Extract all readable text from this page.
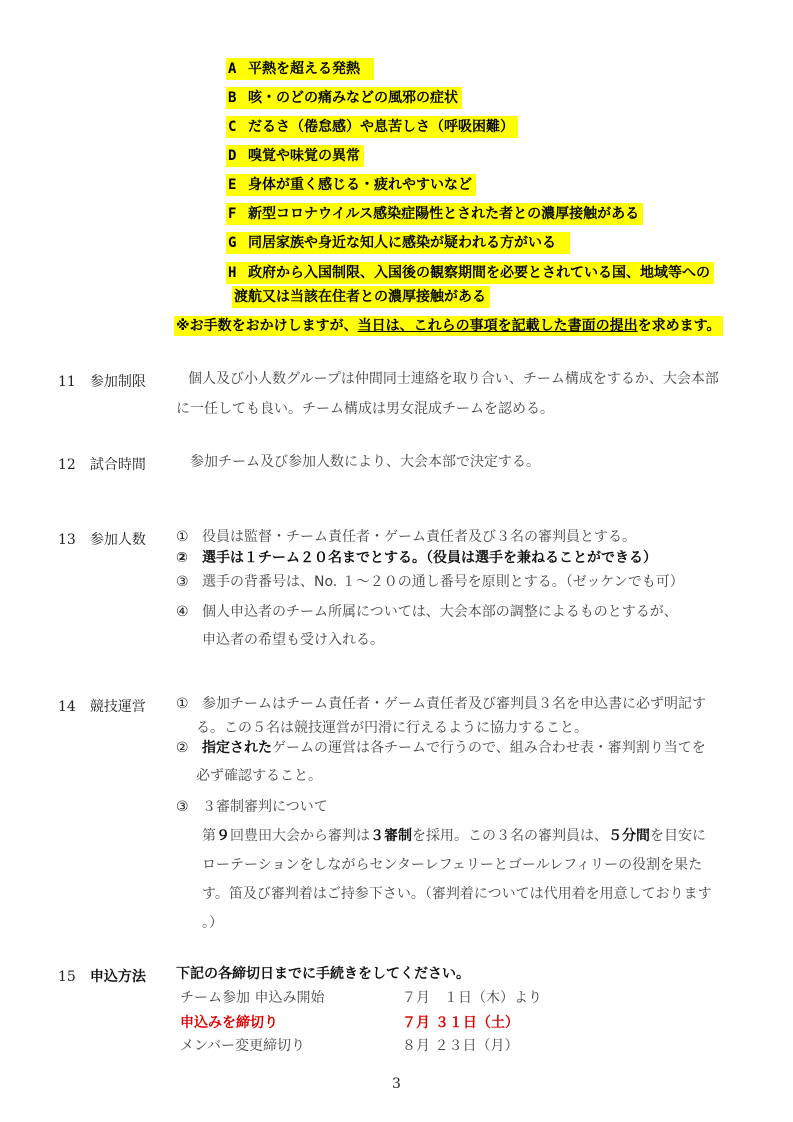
A 平熱を超える発熱
B 咳・のどの痛みなどの風邪の症状
C だるさ（倦怠感）や息苦しさ（呼吸困難）
D 嗅覚や味覚の異常
E 身体が重く感じる・疲れやすいなど
F 新型コロナウイルス感染症陽性とされた者との濃厚接触がある
G 同居家族や身近な知人に感染が疑われる方がいる
H 政府から入国制限、入国後の観察期間を必要とされている国、地域等への
渡航又は当該在住者との濃厚接触がある
※お手数をおかけしますが、当日は、これらの事項を記載した書面の提出を求めます。
11 参加制限	個人及び小人数グループは仲間同士連絡を取り合い、チーム構成をするか、大会本部
に一任しても良い。チーム構成は男女混成チームを認める。
12 試合時間	参加チーム及び参加人数により、大会本部で決定する。
13 参加人数 ① 役員は監督・チーム責任者・ゲーム責任者及び３名の審判員とする。
② 選手は１チーム２０名までとする。（役員は選手を兼ねることができる）
③ 選手の背番号は、No. １～２０の通し番号を原則とする。（ゼッケンでも可）
④ 個人申込者のチーム所属については、大会本部の調整によるものとするが、
申込者の希望も受け入れる。
14 競技運営 ① 参加チームはチーム責任者・ゲーム責任者及び審判員３名を申込書に必ず明記す
る。この５名は競技運営が円滑に行えるように協力すること。
② 指定されたゲームの運営は各チームで行うので、組み合わせ表・審判割り当てを
必ず確認すること。
③ ３審制審判について
第９回豊田大会から審判は３審制を採用。この３名の審判員は、５分間を目安に
ローテーションをしながらセンターレフェリーとゴールレフィリーの役割を果た
す。笛及び審判着はご持参下さい。（審判着については代用着を用意しております
。）
15 申込方法 下記の各締切日までに手続きをしてください。
チーム参加 申込み開始	７月　１日（木）より
申込みを締切り	７月 ３１日（土）
メンバー変更締切り	８月 ２３日（月）
3
